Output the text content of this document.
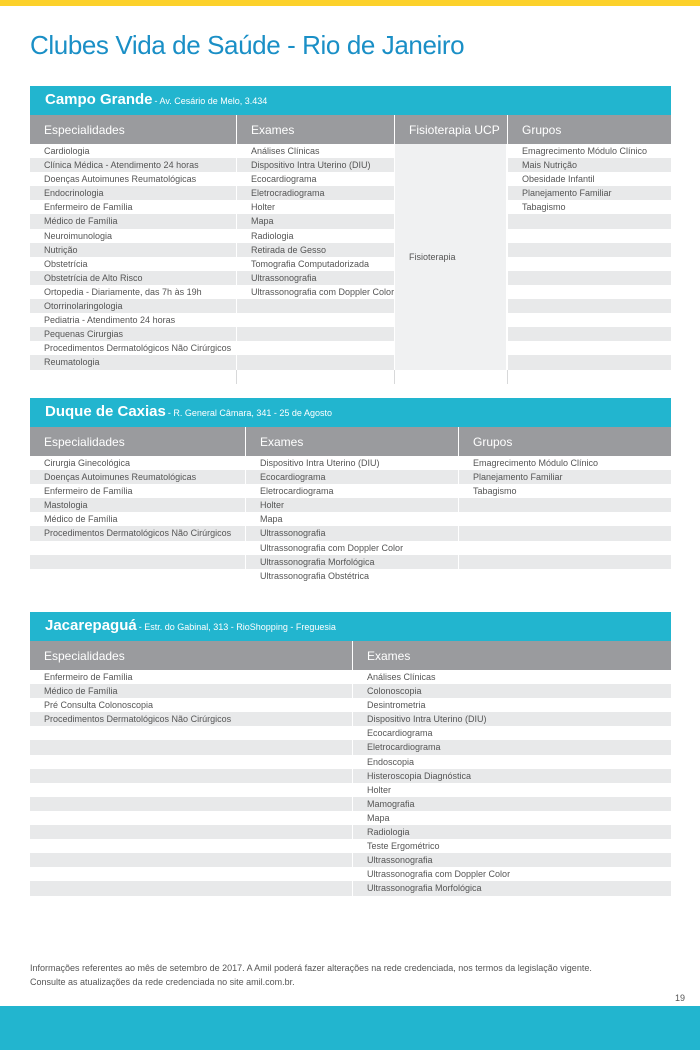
Clubes Vida de Saúde - Rio de Janeiro
Campo Grande - Av. Cesário de Melo, 3.434
Especialidades
Cardiologia
Clínica Médica - Atendimento 24 horas
Doenças Autoimunes Reumatológicas
Endocrinologia
Enfermeiro de Família
Médico de Família
Neuroimunologia
Nutrição
Obstetrícia
Obstetrícia de Alto Risco
Ortopedia - Diariamente, das 7h às 19h
Otorrinolaringologia
Pediatria - Atendimento 24 horas
Pequenas Cirurgias
Procedimentos Dermatológicos Não Cirúrgicos
Reumatologia
Exames
Análises Clínicas
Dispositivo Intra Uterino (DIU)
Ecocardiograma
Eletrocradiograma
Holter
Mapa
Radiologia
Retirada de Gesso
Tomografia Computadorizada
Ultrassonografia
Ultrassonografia com Doppler Color
Fisioterapia UCP
Fisioterapia
Grupos
Emagrecimento Módulo Clínico
Mais Nutrição
Obesidade Infantil
Planejamento Familiar
Tabagismo
Duque de Caxias - R. General Câmara, 341 - 25 de Agosto
Especialidades
Cirurgia Ginecológica
Doenças Autoimunes Reumatológicas
Enfermeiro de Família
Mastologia
Médico de Família
Procedimentos Dermatológicos Não Cirúrgicos
Exames
Dispositivo Intra Uterino (DIU)
Ecocardiograma
Eletrocardiograma
Holter
Mapa
Ultrassonografia
Ultrassonografia com Doppler Color
Ultrassonografia Morfológica
Ultrassonografia Obstétrica
Grupos
Emagrecimento Módulo Clínico
Planejamento Familiar
Tabagismo
Jacarepaguá - Estr. do Gabinal, 313 - RioShopping - Freguesia
Especialidades
Enfermeiro de Família
Médico de Família
Pré Consulta Colonoscopia
Procedimentos Dermatológicos Não Cirúrgicos
Exames
Análises Clínicas
Colonoscopia
Desintrometria
Dispositivo Intra Uterino (DIU)
Ecocardiograma
Eletrocardiograma
Endoscopia
Histeroscopia Diagnóstica
Holter
Mamografia
Mapa
Radiologia
Teste Ergométrico
Ultrassonografia
Ultrassonografia com Doppler Color
Ultrassonografia Morfológica
Informações referentes ao mês de setembro de 2017. A Amil poderá fazer alterações na rede credenciada, nos termos da legislação vigente.
Consulte as atualizações da rede credenciada no site amil.com.br.
19
